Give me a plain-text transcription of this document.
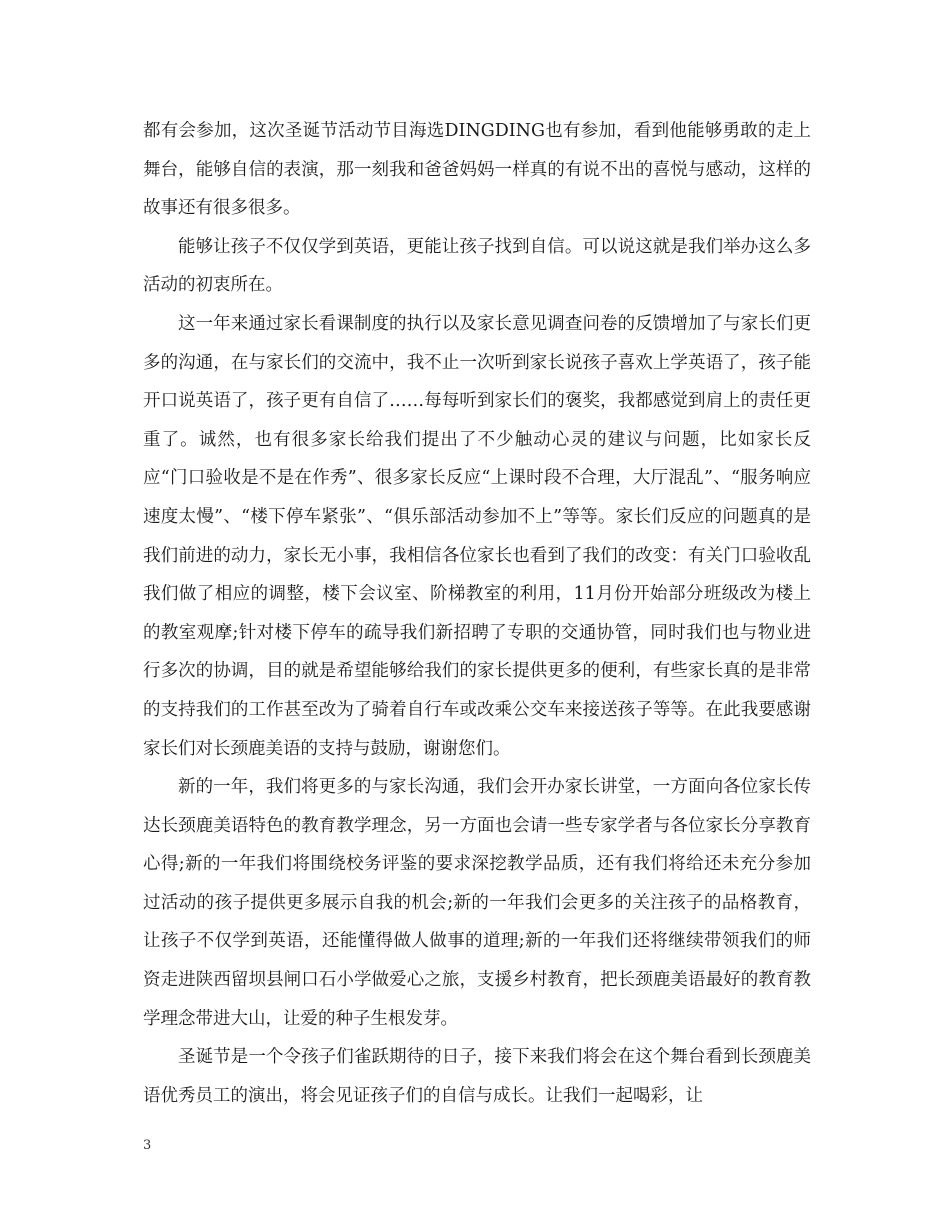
都有会参加，这次圣诞节活动节目海选DINGDING也有参加，看到他能够勇敢的走上舞台，能够自信的表演，那一刻我和爸爸妈妈一样真的有说不出的喜悦与感动，这样的故事还有很多很多。

能够让孩子不仅仅学到英语，更能让孩子找到自信。可以说这就是我们举办这么多活动的初衷所在。

这一年来通过家长看课制度的执行以及家长意见调查问卷的反馈增加了与家长们更多的沟通，在与家长们的交流中，我不止一次听到家长说孩子喜欢上学英语了，孩子能开口说英语了，孩子更有自信了……每每听到家长们的褒奖，我都感觉到肩上的责任更重了。诚然，也有很多家长给我们提出了不少触动心灵的建议与问题，比如家长反应“门口验收是不是在作秀”、很多家长反应“上课时段不合理，大厅混乱”、“服务响应速度太慢”、“楼下停车紧张”、“俱乐部活动参加不上”等等。家长们反应的问题真的是我们前进的动力，家长无小事，我相信各位家长也看到了我们的改变：有关门口验收乱我们做了相应的调整，楼下会议室、阶梯教室的利用，11月份开始部分班级改为楼上的教室观摩;针对楼下停车的疏导我们新招聘了专职的交通协管，同时我们也与物业进行多次的协调，目的就是希望能够给我们的家长提供更多的便利，有些家长真的是非常的支持我们的工作甚至改为了骑着自行车或改乘公交车来接送孩子等等。在此我要感谢家长们对长颈鹿美语的支持与鼓励，谢谢您们。

新的一年，我们将更多的与家长沟通，我们会开办家长讲堂，一方面向各位家长传达长颈鹿美语特色的教育教学理念，另一方面也会请一些专家学者与各位家长分享教育心得;新的一年我们将围绕校务评鉴的要求深挖教学品质，还有我们将给还未充分参加过活动的孩子提供更多展示自我的机会;新的一年我们会更多的关注孩子的品格教育，让孩子不仅学到英语，还能懂得做人做事的道理;新的一年我们还将继续带领我们的师资走进陕西留坝县闸口石小学做爱心之旅，支援乡村教育，把长颈鹿美语最好的教育教学理念带进大山，让爱的种子生根发芽。

圣诞节是一个令孩子们雀跃期待的日子，接下来我们将会在这个舞台看到长颈鹿美语优秀员工的演出，将会见证孩子们的自信与成长。让我们一起喝彩，让

3
